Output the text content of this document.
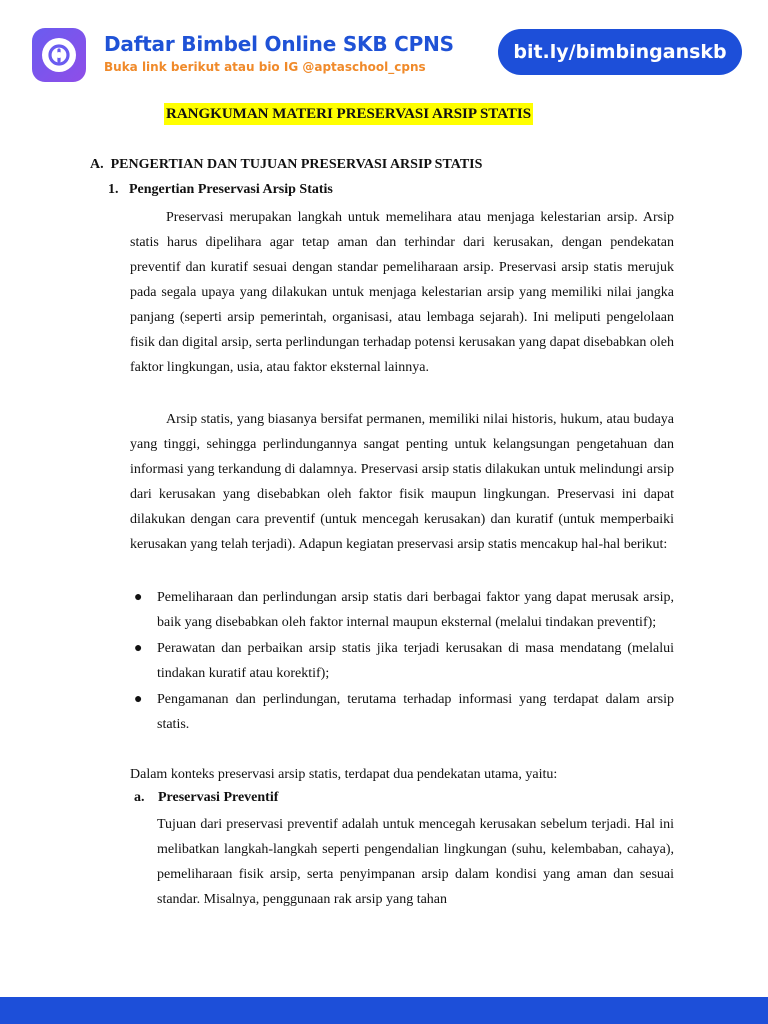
Daftar Bimbel Online SKB CPNS
Buka link berikut atau bio IG @aptaschool_cpns
bit.ly/bimbinganskb
RANGKUMAN MATERI PRESERVASI ARSIP STATIS
A.  PENGERTIAN DAN TUJUAN PRESERVASI ARSIP STATIS
1.   Pengertian Preservasi Arsip Statis

Preservasi merupakan langkah untuk memelihara atau menjaga kelestarian arsip. Arsip statis harus dipelihara agar tetap aman dan terhindar dari kerusakan, dengan pendekatan preventif dan kuratif sesuai dengan standar pemeliharaan arsip. Preservasi arsip statis merujuk pada segala upaya yang dilakukan untuk menjaga kelestarian arsip yang memiliki nilai jangka panjang (seperti arsip pemerintah, organisasi, atau lembaga sejarah). Ini meliputi pengelolaan fisik dan digital arsip, serta perlindungan terhadap potensi kerusakan yang dapat disebabkan oleh faktor lingkungan, usia, atau faktor eksternal lainnya.

Arsip statis, yang biasanya bersifat permanen, memiliki nilai historis, hukum, atau budaya yang tinggi, sehingga perlindungannya sangat penting untuk kelangsungan pengetahuan dan informasi yang terkandung di dalamnya. Preservasi arsip statis dilakukan untuk melindungi arsip dari kerusakan yang disebabkan oleh faktor fisik maupun lingkungan. Preservasi ini dapat dilakukan dengan cara preventif (untuk mencegah kerusakan) dan kuratif (untuk memperbaiki kerusakan yang telah terjadi). Adapun kegiatan preservasi arsip statis mencakup hal-hal berikut:

● Pemeliharaan dan perlindungan arsip statis dari berbagai faktor yang dapat merusak arsip, baik yang disebabkan oleh faktor internal maupun eksternal (melalui tindakan preventif);
● Perawatan dan perbaikan arsip statis jika terjadi kerusakan di masa mendatang (melalui tindakan kuratif atau korektif);
● Pengamanan dan perlindungan, terutama terhadap informasi yang terdapat dalam arsip statis.

Dalam konteks preservasi arsip statis, terdapat dua pendekatan utama, yaitu:

a. Preservasi Preventif

Tujuan dari preservasi preventif adalah untuk mencegah kerusakan sebelum terjadi. Hal ini melibatkan langkah-langkah seperti pengendalian lingkungan (suhu, kelembaban, cahaya), pemeliharaan fisik arsip, serta penyimpanan arsip dalam kondisi yang aman dan sesuai standar. Misalnya, penggunaan rak arsip yang tahan
